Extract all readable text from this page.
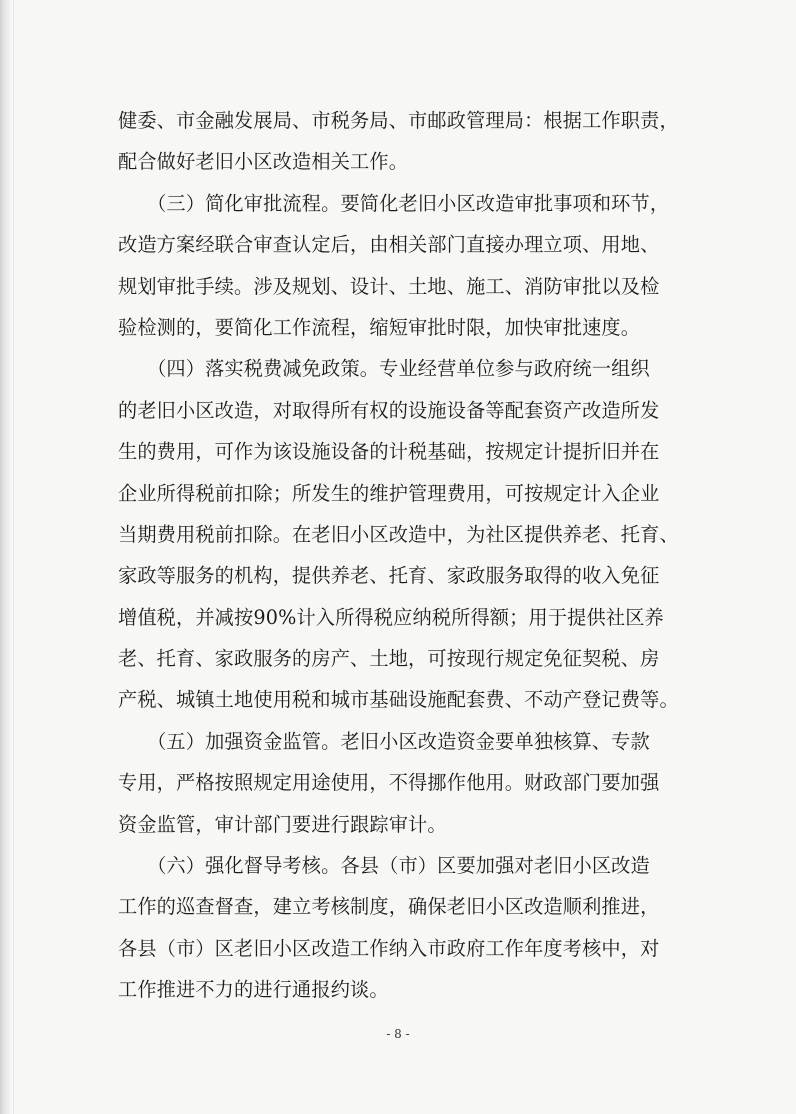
健委、市金融发展局、市税务局、市邮政管理局：根据工作职责，
配合做好老旧小区改造相关工作。
　　（三）简化审批流程。要简化老旧小区改造审批事项和环节，
改造方案经联合审查认定后，由相关部门直接办理立项、用地、
规划审批手续。涉及规划、设计、土地、施工、消防审批以及检
验检测的，要简化工作流程，缩短审批时限，加快审批速度。
　　（四）落实税费减免政策。专业经营单位参与政府统一组织
的老旧小区改造，对取得所有权的设施设备等配套资产改造所发
生的费用，可作为该设施设备的计税基础，按规定计提折旧并在
企业所得税前扣除；所发生的维护管理费用，可按规定计入企业
当期费用税前扣除。在老旧小区改造中，为社区提供养老、托育、
家政等服务的机构，提供养老、托育、家政服务取得的收入免征
增值税，并减按90%计入所得税应纳税所得额；用于提供社区养
老、托育、家政服务的房产、土地，可按现行规定免征契税、房
产税、城镇土地使用税和城市基础设施配套费、不动产登记费等。
　　（五）加强资金监管。老旧小区改造资金要单独核算、专款
专用，严格按照规定用途使用，不得挪作他用。财政部门要加强
资金监管，审计部门要进行跟踪审计。
　　（六）强化督导考核。各县（市）区要加强对老旧小区改造
工作的巡查督查，建立考核制度，确保老旧小区改造顺利推进，
各县（市）区老旧小区改造工作纳入市政府工作年度考核中，对
工作推进不力的进行通报约谈。
- 8 -
